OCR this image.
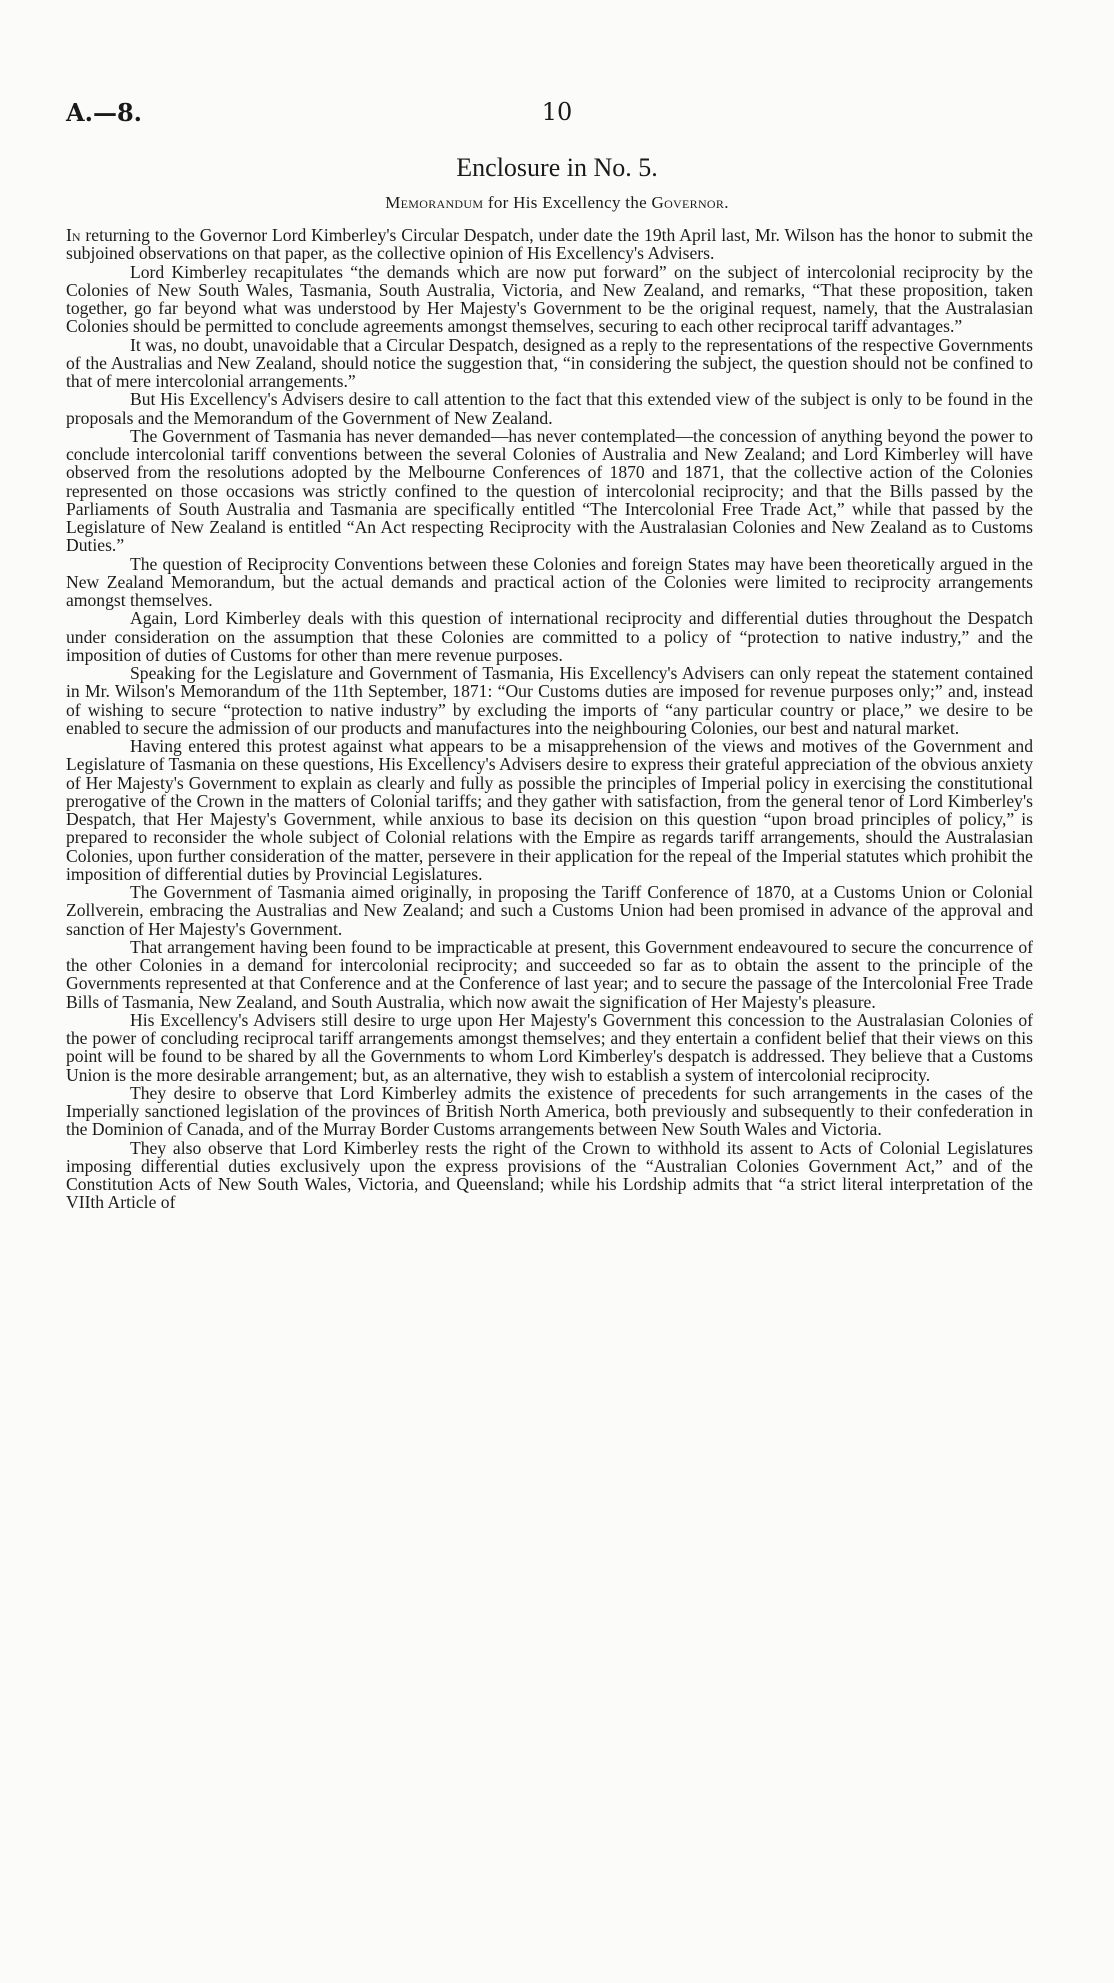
A.—8.	10
Enclosure in No. 5.
Memorandum for His Excellency the Governor.

In returning to the Governor Lord Kimberley's Circular Despatch, under date the 19th April last, Mr. Wilson has the honor to submit the subjoined observations on that paper, as the collective opinion of His Excellency's Advisers.

Lord Kimberley recapitulates “the demands which are now put forward” on the subject of intercolonial reciprocity by the Colonies of New South Wales, Tasmania, South Australia, Victoria, and New Zealand, and remarks, “That these proposition, taken together, go far beyond what was understood by Her Majesty's Government to be the original request, namely, that the Australasian Colonies should be permitted to conclude agreements amongst themselves, securing to each other reciprocal tariff advantages.”

It was, no doubt, unavoidable that a Circular Despatch, designed as a reply to the representations of the respective Governments of the Australias and New Zealand, should notice the suggestion that, “in considering the subject, the question should not be confined to that of mere intercolonial arrangements.”

But His Excellency's Advisers desire to call attention to the fact that this extended view of the subject is only to be found in the proposals and the Memorandum of the Government of New Zealand.

The Government of Tasmania has never demanded—has never contemplated—the concession of anything beyond the power to conclude intercolonial tariff conventions between the several Colonies of Australia and New Zealand; and Lord Kimberley will have observed from the resolutions adopted by the Melbourne Conferences of 1870 and 1871, that the collective action of the Colonies represented on those occasions was strictly confined to the question of intercolonial reciprocity; and that the Bills passed by the Parliaments of South Australia and Tasmania are specifically entitled “The Intercolonial Free Trade Act,” while that passed by the Legislature of New Zealand is entitled “An Act respecting Reciprocity with the Australasian Colonies and New Zealand as to Customs Duties.”

The question of Reciprocity Conventions between these Colonies and foreign States may have been theoretically argued in the New Zealand Memorandum, but the actual demands and practical action of the Colonies were limited to reciprocity arrangements amongst themselves.

Again, Lord Kimberley deals with this question of international reciprocity and differential duties throughout the Despatch under consideration on the assumption that these Colonies are committed to a policy of “protection to native industry,” and the imposition of duties of Customs for other than mere revenue purposes.

Speaking for the Legislature and Government of Tasmania, His Excellency's Advisers can only repeat the statement contained in Mr. Wilson's Memorandum of the 11th September, 1871: “Our Customs duties are imposed for revenue purposes only;” and, instead of wishing to secure “protection to native industry” by excluding the imports of “any particular country or place,” we desire to be enabled to secure the admission of our products and manufactures into the neighbouring Colonies, our best and natural market.

Having entered this protest against what appears to be a misapprehension of the views and motives of the Government and Legislature of Tasmania on these questions, His Excellency's Advisers desire to express their grateful appreciation of the obvious anxiety of Her Majesty's Government to explain as clearly and fully as possible the principles of Imperial policy in exercising the constitutional prerogative of the Crown in the matters of Colonial tariffs; and they gather with satisfaction, from the general tenor of Lord Kimberley's Despatch, that Her Majesty's Government, while anxious to base its decision on this question “upon broad principles of policy,” is prepared to reconsider the whole subject of Colonial relations with the Empire as regards tariff arrangements, should the Australasian Colonies, upon further consideration of the matter, persevere in their application for the repeal of the Imperial statutes which prohibit the imposition of differential duties by Provincial Legislatures.

The Government of Tasmania aimed originally, in proposing the Tariff Conference of 1870, at a Customs Union or Colonial Zollverein, embracing the Australias and New Zealand; and such a Customs Union had been promised in advance of the approval and sanction of Her Majesty's Government.

That arrangement having been found to be impracticable at present, this Government endeavoured to secure the concurrence of the other Colonies in a demand for intercolonial reciprocity; and succeeded so far as to obtain the assent to the principle of the Governments represented at that Conference and at the Conference of last year; and to secure the passage of the Intercolonial Free Trade Bills of Tasmania, New Zealand, and South Australia, which now await the signification of Her Majesty's pleasure.

His Excellency's Advisers still desire to urge upon Her Majesty's Government this concession to the Australasian Colonies of the power of concluding reciprocal tariff arrangements amongst themselves; and they entertain a confident belief that their views on this point will be found to be shared by all the Governments to whom Lord Kimberley's despatch is addressed. They believe that a Customs Union is the more desirable arrangement; but, as an alternative, they wish to establish a system of intercolonial reciprocity.

They desire to observe that Lord Kimberley admits the existence of precedents for such arrangements in the cases of the Imperially sanctioned legislation of the provinces of British North America, both previously and subsequently to their confederation in the Dominion of Canada, and of the Murray Border Customs arrangements between New South Wales and Victoria.

They also observe that Lord Kimberley rests the right of the Crown to withhold its assent to Acts of Colonial Legislatures imposing differential duties exclusively upon the express provisions of the “Australian Colonies Government Act,” and of the Constitution Acts of New South Wales, Victoria, and Queensland; while his Lordship admits that “a strict literal interpretation of the VIIth Article of
